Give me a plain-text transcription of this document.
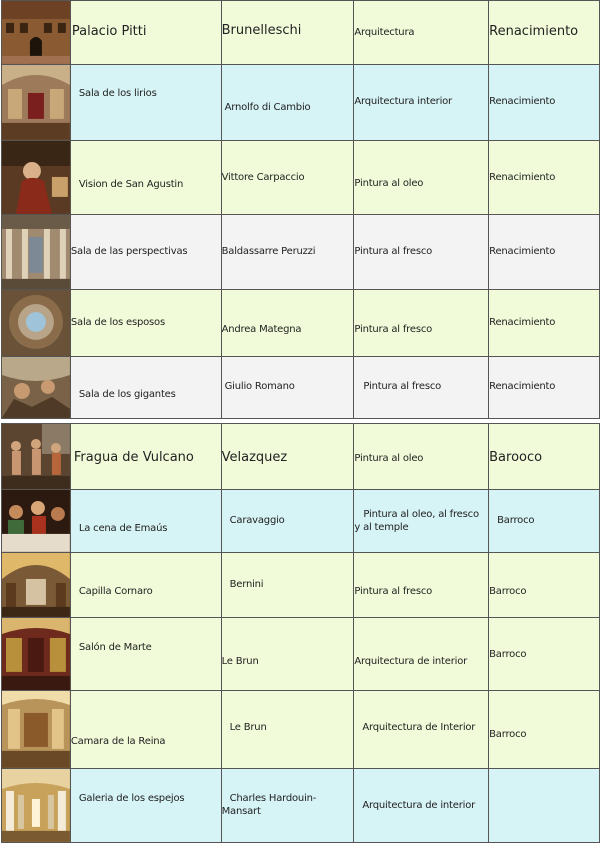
Palacio Pitti	Brunelleschi	Arquitectura	Renacimiento

Sala de los lirios	Arnolfo di Cambio	Arquitectura interior	Renacimiento

Vision de San Agustin	Vittore Carpaccio	Pintura al oleo	Renacimiento

Sala de las perspectivas	Baldassarre Peruzzi	Pintura al fresco	Renacimiento

Sala de los esposos	Andrea Mategna	Pintura al fresco	Renacimiento

Sala de los gigantes	Giulio Romano	Pintura al fresco	Renacimiento

Fragua de Vulcano	Velazquez	Pintura al oleo	Barooco

La cena de Emaús	Caravaggio	Pintura al oleo, al fresco y al temple	Barroco

Capilla Cornaro	Bernini	Pintura al fresco	Barroco

Salón de Marte	Le Brun	Arquitectura de interior	Barroco

Camara de la Reina	Le Brun	Arquitectura de Interior	Barroco

Galeria de los espejos	Charles Hardouin-Mansart	Arquitectura de interior	
